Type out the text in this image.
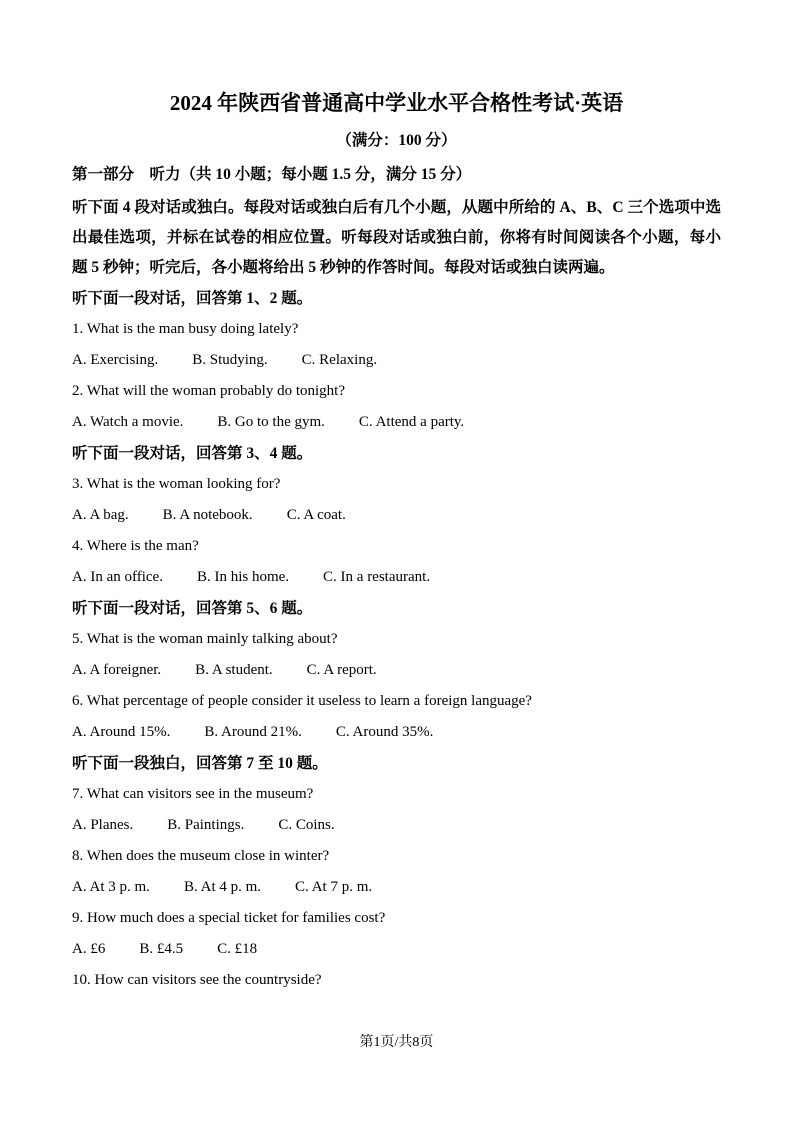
2024 年陕西省普通高中学业水平合格性考试·英语
（满分：100 分）
第一部分　听力（共 10 小题；每小题 1.5 分，满分 15 分）
听下面 4 段对话或独白。每段对话或独白后有几个小题，从题中所给的 A、B、C 三个选项中选出最佳选项，并标在试卷的相应位置。听每段对话或独白前，你将有时间阅读各个小题，每小题 5 秒钟；听完后，各小题将给出 5 秒钟的作答时间。每段对话或独白读两遍。
听下面一段对话，回答第 1、2 题。
1. What is the man busy doing lately?
A. Exercising. B. Studying. C. Relaxing.
2. What will the woman probably do tonight?
A. Watch a movie. B. Go to the gym. C. Attend a party.
听下面一段对话，回答第 3、4 题。
3. What is the woman looking for?
A. A bag. B. A notebook. C. A coat.
4. Where is the man?
A. In an office. B. In his home. C. In a restaurant.
听下面一段对话，回答第 5、6 题。
5. What is the woman mainly talking about?
A. A foreigner. B. A student. C. A report.
6. What percentage of people consider it useless to learn a foreign language?
A. Around 15%. B. Around 21%. C. Around 35%.
听下面一段独白，回答第 7 至 10 题。
7. What can visitors see in the museum?
A. Planes. B. Paintings. C. Coins.
8. When does the museum close in winter?
A. At 3 p. m. B. At 4 p. m. C. At 7 p. m.
9. How much does a special ticket for families cost?
A. £6 B. £4.5 C. £18
10. How can visitors see the countryside?
第1页/共8页
